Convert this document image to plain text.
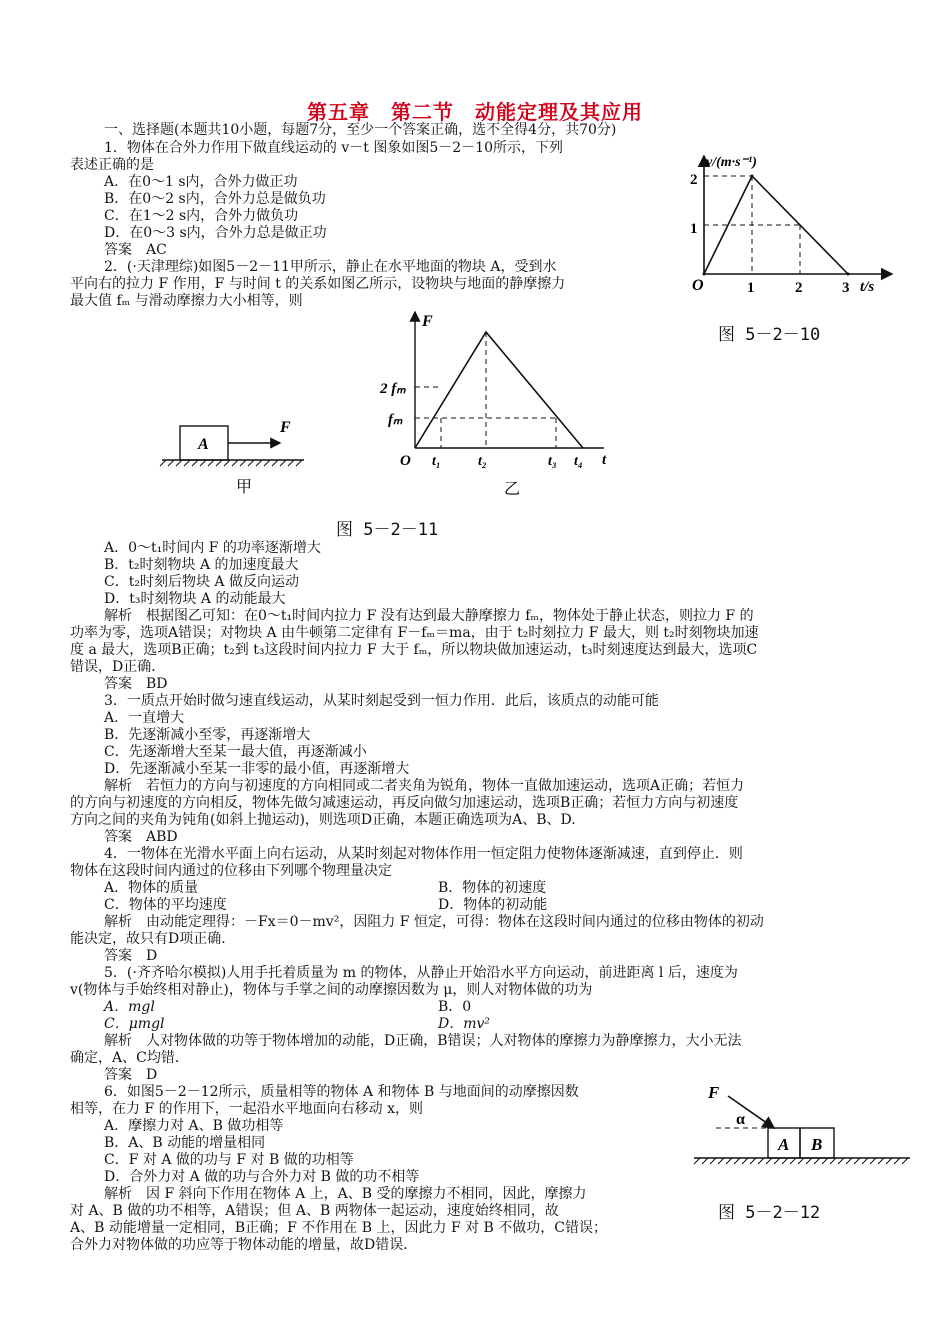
第五章　第二节　动能定理及其应用
一、选择题(本题共10小题，每题7分，至少一个答案正确，选不全得4分，共70分)
1．物体在合外力作用下做直线运动的 v－t 图象如图5－2－10所示，下列
表述正确的是
A．在0～1 s内，合外力做正功
B．在0～2 s内，合外力总是做负功
C．在1～2 s内，合外力做负功
D．在0～3 s内，合外力总是做正功
答案　AC
v/(m·s⁻¹)
t/s
O
2
1
1	2	3
图 5－2－10
2．(·天津理综)如图5－2－11甲所示，静止在水平地面的物块 A，受到水
平向右的拉力 F 作用，F 与时间 t 的关系如图乙所示，设物块与地面的静摩擦力
最大值 fₘ 与滑动摩擦力大小相等，则
A
F
甲
F
t
O
2 fₘ
fₘ
t₁	t₂	t₃ t₄
乙
图 5－2－11
A．0～t₁时间内 F 的功率逐渐增大
B．t₂时刻物块 A 的加速度最大
C．t₂时刻后物块 A 做反向运动
D．t₃时刻物块 A 的动能最大
解析　根据图乙可知：在0～t₁时间内拉力 F 没有达到最大静摩擦力 fₘ，物体处于静止状态，则拉力 F 的
功率为零，选项A错误；对物块 A 由牛顿第二定律有 F－fₘ＝ma，由于 t₂时刻拉力 F 最大，则 t₂时刻物块加速
度 a 最大，选项B正确；t₂到 t₃这段时间内拉力 F 大于 fₘ，所以物块做加速运动，t₃时刻速度达到最大，选项C
错误，D正确．
答案　BD
3．一质点开始时做匀速直线运动，从某时刻起受到一恒力作用．此后，该质点的动能可能
A．一直增大
B．先逐渐减小至零，再逐渐增大
C．先逐渐增大至某一最大值，再逐渐减小
D．先逐渐减小至某一非零的最小值，再逐渐增大
解析　若恒力的方向与初速度的方向相同或二者夹角为锐角，物体一直做加速运动，选项A正确；若恒力
的方向与初速度的方向相反，物体先做匀减速运动，再反向做匀加速运动，选项B正确；若恒力方向与初速度
方向之间的夹角为钝角(如斜上抛运动)，则选项D正确，本题正确选项为A、B、D.
答案　ABD
4．一物体在光滑水平面上向右运动，从某时刻起对物体作用一恒定阻力使物体逐渐减速，直到停止．则
物体在这段时间内通过的位移由下列哪个物理量决定
A．物体的质量	B．物体的初速度
C．物体的平均速度	D．物体的初动能
解析　由动能定理得：－Fx＝0－mv²，因阻力 F 恒定，可得：物体在这段时间内通过的位移由物体的初动
能决定，故只有D项正确．
答案　D
5．(·齐齐哈尔模拟)人用手托着质量为 m 的物体，从静止开始沿水平方向运动，前进距离 l 后，速度为
v(物体与手始终相对静止)，物体与手掌之间的动摩擦因数为 μ，则人对物体做的功为
A．mgl	B．0
C．μmgl	D．mv²
解析　人对物体做的功等于物体增加的动能，D正确，B错误；人对物体的摩擦力为静摩擦力，大小无法
确定，A、C均错．
答案　D
6．如图5－2－12所示，质量相等的物体 A 和物体 B 与地面间的动摩擦因数
相等，在力 F 的作用下，一起沿水平地面向右移动 x，则
A．摩擦力对 A、B 做功相等
B．A、B 动能的增量相同
C．F 对 A 做的功与 F 对 B 做的功相等
D．合外力对 A 做的功与合外力对 B 做的功不相等
解析　因 F 斜向下作用在物体 A 上，A、B 受的摩擦力不相同，因此，摩擦力
对 A、B 做的功不相等，A错误；但 A、B 两物体一起运动，速度始终相同，故
A、B 动能增量一定相同，B正确；F 不作用在 B 上，因此力 F 对 B 不做功，C错误；
合外力对物体做的功应等于物体动能的增量，故D错误．
F
α
A B
图 5－2－12
